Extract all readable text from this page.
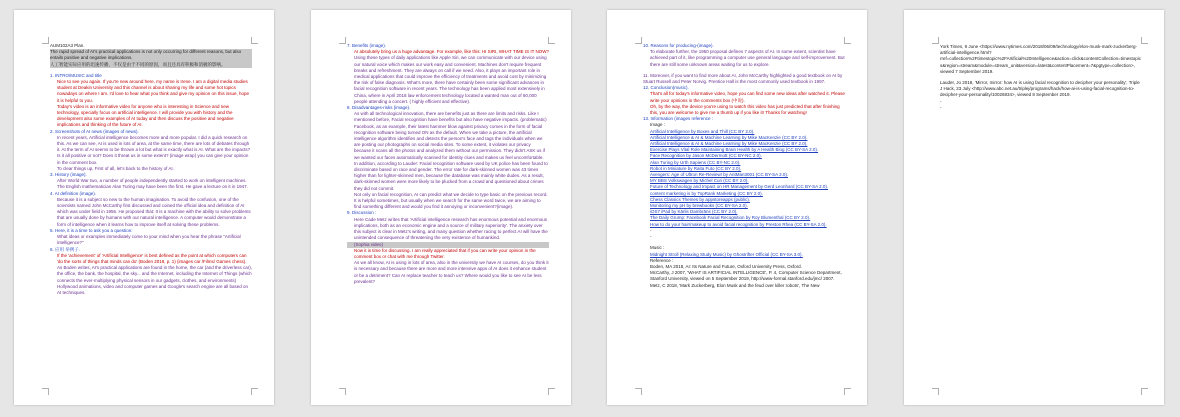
AUM102A3 Plan.
The rapid spread of AI's practical applications is not only occurring for different reasons, but also entails positive and negative implications.
人工智能实际应用的迅速传播，不仅是由于不同的原因，而且还具有积极和消极的影响。
1. INTRO/MUSIC and title
Nice to see you again. If you're new around here, my name is Irene. I am a digital media studies student at Deakin University and this channel is about sharing my life and some hot topics nowadays on where I am. I'd love to hear what you think and give my opinion on this issue, hope it is helpful to you.
Today's video is an informative video for anyone who is interesting in Science and new technology, specially focus on artificial intelligence. I will provide you with history and the development also some examples of AI today and then discuss the positive and negative implications and thinking of the future of AI.
2. Screenshots of AI news (images of news).
In recent years, Artificial intelligence becomes more and more popular. I did a quick research on this. As we can see, AI is used in lots of area, at the same time, there are lots of debates through it. At the term of AI seems to be thrown a lot but what is exactly what is AI. What are the impacts? Is it all positive or not? Does it threat us in some extent? (image wrap) you can give your opinion in the comment box.
To clear things up, First of all, let's back to the history of AI.
3. History (image).
After World War two, a number of people independently started to work on intelligent machines. The English mathematician Alan Turing may have been the first. He gave a lecture on it in 1947.
4. AI definition (image).
Because it is a subject so new to the human imagination. To avoid the confusion, one of the scientists named John McCarthy first discussed and coined the official idea and definition of AI which was under field in 1956. He proposed that: It is a machine with the ability to solve problems that are usually done by humans with our natural intelligence. A computer would demonstrate a form of intelligence when it learns how to improve itself at solving these problems.
5. Here, it is a time to ask you a question:
What ideas or examples immediately come to your mind when you hear the phrase "Artificial intelligence?"
6. 应用 举例子.
If the 'achievement' of 'Artificial Intelligence' is best defined as the point at which computers can 'do the sorts of things that minds can do' (Boden 2018, p. 1) (images car /Films/ Games chess).
As Boden writes, AI's practical applications are found in the home, the car (and the driverless car), the office, the bank, the hospital, the sky... and the Internet, including the Internet of Things (which connects the ever-multiplying physical sensors in our gadgets, clothes, and environments) Hollywood animations, video and computer games and Google's search engine are all based on AI techniques.
7. Benefits (image).
AI absolutely bring us a huge advantage. For example, like this: HI SIRI, WHAT TIME IS IT NOW?
Using these types of daily applications like Apple Siri, we can communicate with our device using our natural voice which makes our work easy and convenient. Machines don't require frequent breaks and refreshment. They are always on call if we need. Also, it plays an important role in medical applications that could improve the efficiency of treatments and avoid cost by minimizing the risk of false diagnosis. What's more, there have certainly been some significant advances in facial recognition software in recent years. The technology has been applied most extensively in China, where in April 2018 law enforcement technology located a wanted man out of 60,000 people attending a concert. ( highly efficient and effective).
8. Disadvantages-risks (image).
As with all technological innovation, there are benefits just as there are limits and risks. Like I mentioned before, Facial recognition have benefits but also have negative impacts. (problematic) Facebook, as an example, their latest hammer blow against privacy comes in the form of facial recognition software being turned ON as the default. When we take a picture, the artificial intelligence algorithm identifies and detects the person's face and tags the individuals when we are posting our photographs on social media sites. To some extent, it violates our privacy because it scans all the photos and analyzed them without our permission. They didn't ASK us if we wanted our faces automatically scanned for identity clues and makes us feel uncomfortable.
In addition, according to Lauder: Facial recognition software used by UK police has been found to discriminate based on race and gender. The error rate for dark-skinned women was 43 times higher than for lighter-skinned men, because the database was mainly white dudes. As a result, dark-skinned women were more likely to be plucked from a crowd and questioned about crimes they did not commit.
Not only on facial recognition, AI can predict what we decide to type basic on the previous record. It is helpful sometimes, but usually when we search for the same word twice, we are aiming to find something different and would you find it annoying or inconvenient?(image).
9. Discussion :
Here Cade Metz writes that 'Artificial intelligence research has enormous potential and enormous implications, both as an economic engine and a source of military superiority'. The anxiety over this subject is clear in Metz's writing, and many question whether racing to perfect AI will have the unintended consequence of threatening the very existence of humankind.
(Sophia video)
Now it is time for discussing. I am really appreciated that if you can write your opinion in the comment box or chat with me through Twitter.
As we all know, AI is using in lots of area, also in the university we have AI courses, do you think it is necessary and because there are more and more intensive apps of AI does it enhance student or be a detriment? Can AI replace teacher to teach us? Where would you like to see AI be less prevalent?
10. Reasons for producing-(image).
To elaborate further, the 1950 proposal defines 7 aspects of AI. In some extent, scientist have achieved part of it, like programming a computer use general language and self-improvement. But there are still some unknown areas waiting for us to explore.
11. Moreover, if you want to find more about AI, John McCarthy highlighted a good textbook on AI by Stuart Russell and Peter Norvig. Prentice Hall is the most commonly used textbook in 1997.
12. Conclusion(music).
That's all for today's informative video, hope you can find some new ideas after watched it. Please write your opinions in the comments box (中说).
Oh, by the way, the device you're using to watch this video has just predicted that after finishing this, you are welcome to give me a thumb up if you like it! Thanks for watching!
13. Information (images reference :
Image :
Artificial Intelligence by Boxes and Thill (CC BY 2.0).
Artificial Intelligence & AI & Machine Learning by Mike MacKenzie (CC BY 2.0).
Artificial Intelligence & AI & Machine Learning by Mike MacKenzie (CC BY 2.0).
Exercise Plays Vital Role Maintaining Brain Health by A Health Blog (CC BY-SA 2.0).
Face Recognition by Jason McDermott (CC BY-NC 2.0).
Alan Turing by Urth Sapiens (CC BY-NC 2.0).
Robot in Miniature by Raita Futo (CC BY 2.0).
Avengers: Age of Ultron Re-Review! by AntMan3001 (CC BY-SA 2.0).
MY BBS Volkswagen by Michel Curi (CC BY 2.0).
Future of Technology and Impact on HR Management by Gerd Leonhard (CC BY-SA 2.0).
content marketing is by TopRank Marketing (CC BY 2.0).
Chess Classics Themes by appstoreapps (public).
Monitoring my pH by brewbooks (CC BY-SA 2.0).
iOS7 iPad by Kārlis Dambrāns (CC BY 2.0).
The Daily Grump: Facebook Facial Recognition by Roy Blumenthal (CC BY 2.0).
How to do your hair/makeup to avoid facial recognition by Preston Rhea (CC BY-SA 2.0).
-
-
Music :
Midnight Stroll (Relaxing Study Music) by Ghostrifter Official (CC BY-SA 3.0).
Reference :
Boden, MA 2018, AI: Its Nature and Future, Oxford University Press, Oxford.
McCarthy, J 2007, 'WHAT IS ARTIFICIAL INTELLIGENCE', P. 4, Computer Science Department, Stanford University, viewed on 5 September 2019, http://www-formal.stanford.edu/jmc/ 2007.
Metz, C 2018, 'Mark Zuckerberg, Elon Musk and the feud over killer robots', The New
York Times, 9 June <https://www.nytimes.com/2018/06/09/technology/elon-musk-mark-zuckerberg-artificial-intelligence.html?rref=collection%2Ftimestopic%2FArtificial%20Intelligence&action=click&contentCollection=timestopics&region=stream&module=stream_unit&version=latest&contentPlacement=7&pgtype=collection>, viewed 7 September 2019.
Lauder, Jo 2018, 'Mirror, mirror: how AI is using facial recognition to decipher your personality', Triple J Hack, 23 July <http://www.abc.net.au/triplej/programs/hack/how-ai-is-using-facial-recognition-to-decipher-your-personality/10026834>, viewed 8 September 2019.
-
-
